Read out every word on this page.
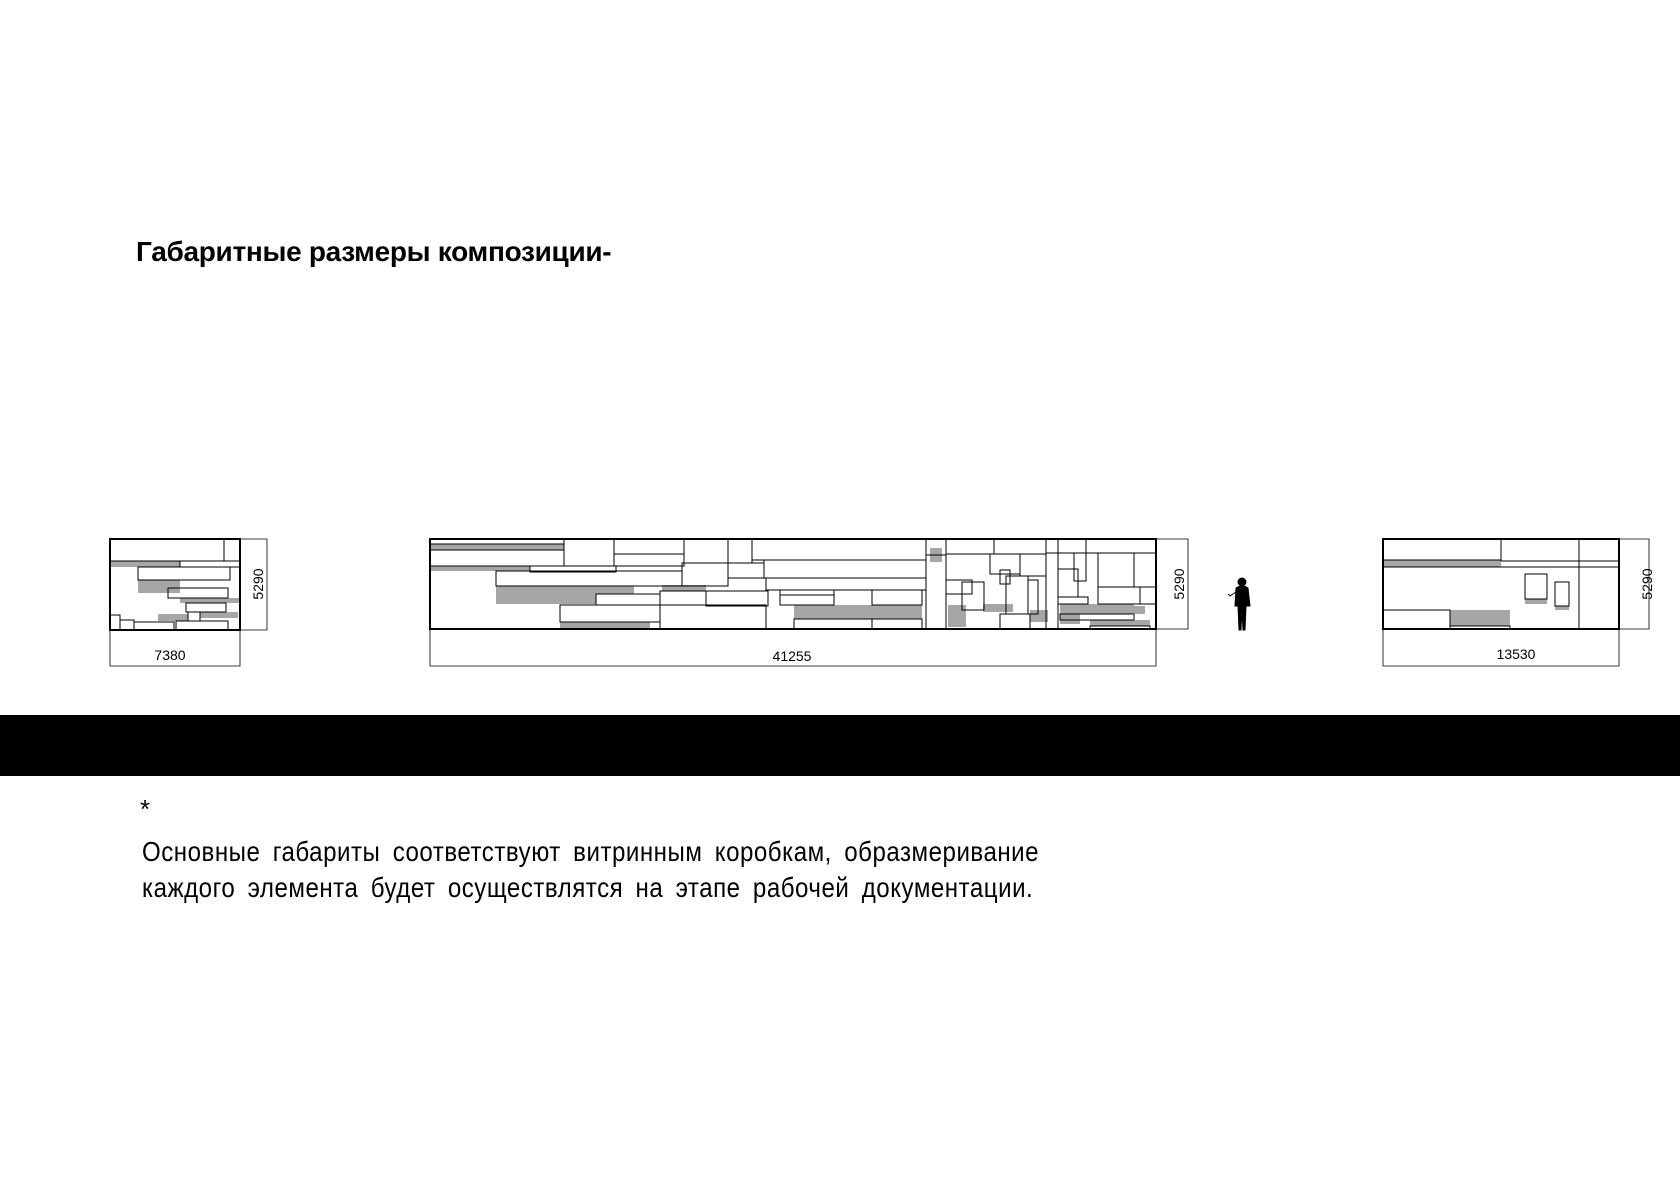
Габаритные размеры композиции-
7380
5290
41255
5290
13530
5290
*
Основные габариты соответствуют витринным коробкам, образмеривание
каждого элемента будет осуществлятся на этапе рабочей документации.
